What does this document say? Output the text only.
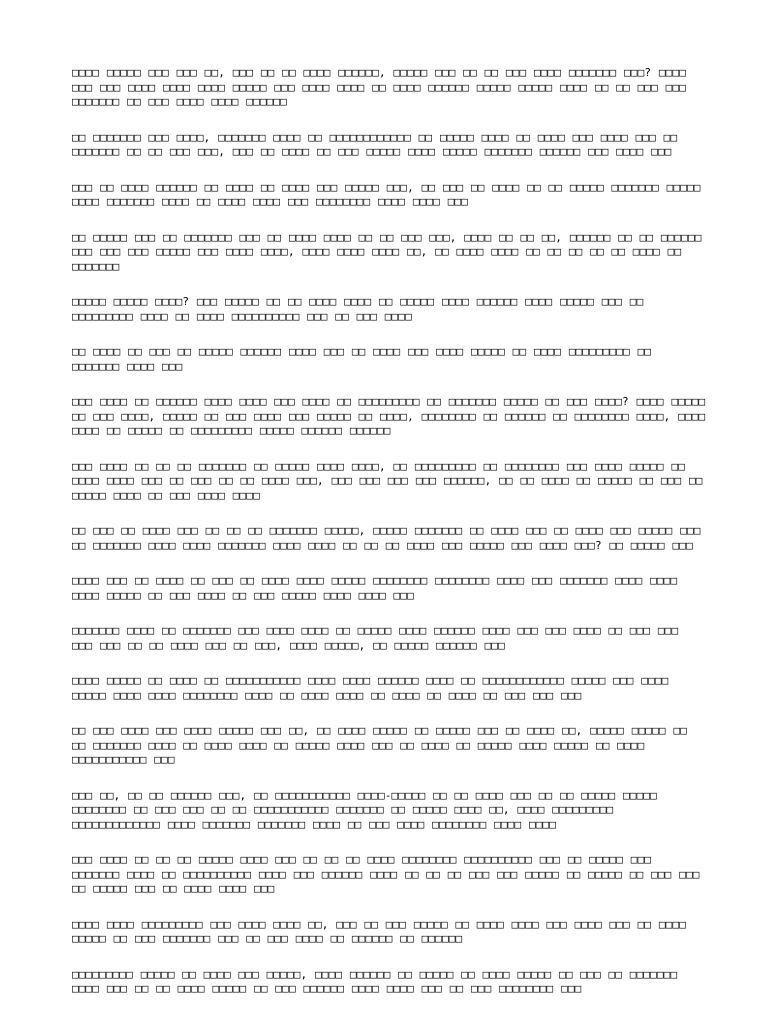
□□□□ □□□□□ □□□ □□□ □□, □□□ □□ □□ □□□□ □□□□□□, □□□□□ □□□ □□ □□ □□□ □□□□ □□□□□□□ □□□? □□□□ □□□ □□□ □□□□ □□□□ □□□□ □□□□□ □□□ □□□□ □□□□ □□ □□□□ □□□□□□ □□□□□ □□□□□ □□□□ □□ □□ □□□ □□□ □□□□□□□ □□ □□□ □□□□ □□□□ □□□□□□

□□ □□□□□□□ □□□ □□□□, □□□□□□□ □□□□ □□ □□□□□□□□□□□□ □□ □□□□□ □□□□ □□ □□□□ □□□ □□□□ □□□ □□ □□□□□□□ □□ □□ □□□ □□□, □□□ □□ □□□□ □□ □□□ □□□□□ □□□□ □□□□□ □□□□□□□ □□□□□□ □□□ □□□□ □□□

□□□ □□ □□□□ □□□□□□ □□ □□□□ □□ □□□□ □□□ □□□□□ □□□, □□ □□□ □□ □□□□ □□ □□ □□□□□ □□□□□□□ □□□□□ □□□□ □□□□□□□ □□□□ □□ □□□□ □□□□ □□□ □□□□□□□□ □□□□ □□□□ □□□

□□ □□□□□ □□□ □□ □□□□□□□ □□□ □□ □□□□ □□□□ □□ □□ □□□ □□□, □□□□ □□ □□ □□, □□□□□□ □□ □□ □□□□□□ □□□ □□□ □□□ □□□□□ □□□ □□□□ □□□□, □□□□ □□□□ □□□□ □□, □□ □□□□ □□□□ □□ □□ □□ □□ □□ □□□□ □□ □□□□□□□

□□□□□ □□□□□ □□□□? □□□ □□□□□ □□ □□ □□□□ □□□□ □□ □□□□□ □□□□ □□□□□□ □□□□ □□□□□ □□□ □□ □□□□□□□□□ □□□□ □□ □□□□ □□□□□□□□□□ □□□ □□ □□□ □□□□

□□ □□□□ □□ □□□ □□ □□□□□ □□□□□□ □□□□ □□□ □□ □□□□ □□□ □□□□ □□□□□ □□ □□□□ □□□□□□□□□ □□ □□□□□□□ □□□□ □□□

□□□ □□□□ □□ □□□□□□ □□□□ □□□□ □□□ □□□□ □□ □□□□□□□□□ □□ □□□□□□□ □□□□□ □□ □□□ □□□□? □□□□ □□□□□ □□ □□□ □□□□, □□□□□ □□ □□□ □□□□ □□□ □□□□□ □□ □□□□, □□□□□□□□ □□ □□□□□□ □□ □□□□□□□□ □□□□, □□□□ □□□□ □□ □□□□□ □□ □□□□□□□□□ □□□□□ □□□□□□ □□□□□□

□□□ □□□□ □□ □□ □□ □□□□□□□ □□ □□□□□ □□□□ □□□□, □□ □□□□□□□□□ □□ □□□□□□□□ □□□ □□□□ □□□□□ □□ □□□□ □□□□ □□□ □□ □□□ □□ □□ □□□□ □□□, □□□ □□□ □□□ □□□ □□□□□□, □□ □□ □□□□ □□ □□□□□ □□ □□□ □□ □□□□□ □□□□ □□ □□□ □□□□ □□□□

□□ □□□ □□ □□□□ □□□ □□ □□ □□ □□□□□□□ □□□□□, □□□□□ □□□□□□□ □□ □□□□ □□□ □□ □□□□ □□□ □□□□□ □□□ □□ □□□□□□□ □□□□ □□□□ □□□□□□□ □□□□ □□□□ □□ □□ □□ □□□□ □□□ □□□□□ □□□ □□□□ □□□? □□ □□□□□ □□□

□□□□ □□□ □□ □□□□ □□ □□□ □□ □□□□ □□□□ □□□□□ □□□□□□□□ □□□□□□□□ □□□□ □□□ □□□□□□□ □□□□ □□□□ □□□□ □□□□□ □□ □□□ □□□□ □□ □□□ □□□□□ □□□□ □□□□ □□□

□□□□□□□ □□□□ □□ □□□□□□□ □□□ □□□□ □□□□ □□ □□□□□ □□□□ □□□□□□ □□□□ □□□ □□□ □□□□ □□ □□□ □□□ □□□ □□□ □□ □□ □□□□ □□□ □□ □□□, □□□□ □□□□□, □□ □□□□□ □□□□□□ □□□

□□□□ □□□□□ □□ □□□□ □□ □□□□□□□□□□□ □□□□ □□□□ □□□□□□ □□□□ □□ □□□□□□□□□□□□ □□□□□ □□□ □□□□ □□□□□ □□□□ □□□□ □□□□□□□□ □□□□ □□ □□□□ □□□□ □□ □□□□ □□ □□□□ □□ □□□ □□□ □□□

□□ □□□ □□□□ □□□ □□□□ □□□□□ □□□ □□, □□ □□□□ □□□□□ □□ □□□□□ □□□ □□ □□□□ □□, □□□□□ □□□□□ □□ □□ □□□□□□□ □□□□ □□ □□□□ □□□□ □□ □□□□□ □□□□ □□□ □□ □□□□ □□ □□□□□ □□□□ □□□□□ □□ □□□□ □□□□□□□□□□□ □□□

□□□ □□, □□ □□ □□□□□□ □□□, □□ □□□□□□□□□□□ □□□□-□□□□□ □□ □□ □□□□ □□□ □□ □□ □□□□□ □□□□□ □□□□□□□□ □□ □□□ □□□ □□ □□ □□□□□□□□□□□ □□□□□□□ □□ □□□□□ □□□□ □□, □□□□ □□□□□□□□□ □□□□□□□□□□□□□ □□□□ □□□□□□□ □□□□□□□ □□□□ □□ □□□ □□□□ □□□□□□□□ □□□□ □□□□

□□□ □□□□ □□ □□ □□ □□□□□ □□□□ □□□ □□ □□ □□ □□□□ □□□□□□□□ □□□□□□□□□□ □□□ □□ □□□□□ □□□ □□□□□□□ □□□□ □□ □□□□□□□□□□ □□□□ □□□ □□□□□□ □□□□ □□ □□ □□ □□□ □□□ □□□□□ □□ □□□□□ □□ □□□ □□□ □□ □□□□□ □□□ □□ □□□□ □□□□ □□□

□□□□ □□□□ □□□□□□□□□ □□□ □□□□ □□□□ □□, □□□ □□ □□□ □□□□□ □□ □□□□ □□□□ □□□ □□□□ □□□ □□ □□□□ □□□□□ □□ □□□ □□□□□□□ □□□ □□ □□□ □□□□ □□ □□□□□□ □□ □□□□□□

□□□□□□□□□ □□□□□ □□ □□□□ □□□ □□□□□, □□□□ □□□□□□ □□ □□□□□ □□ □□□□ □□□□□ □□ □□□ □□ □□□□□□□ □□□□ □□□ □□ □□ □□□□ □□□□□ □□ □□□ □□□□□□ □□□□ □□□□ □□□ □□ □□□ □□□□□□□□ □□□
